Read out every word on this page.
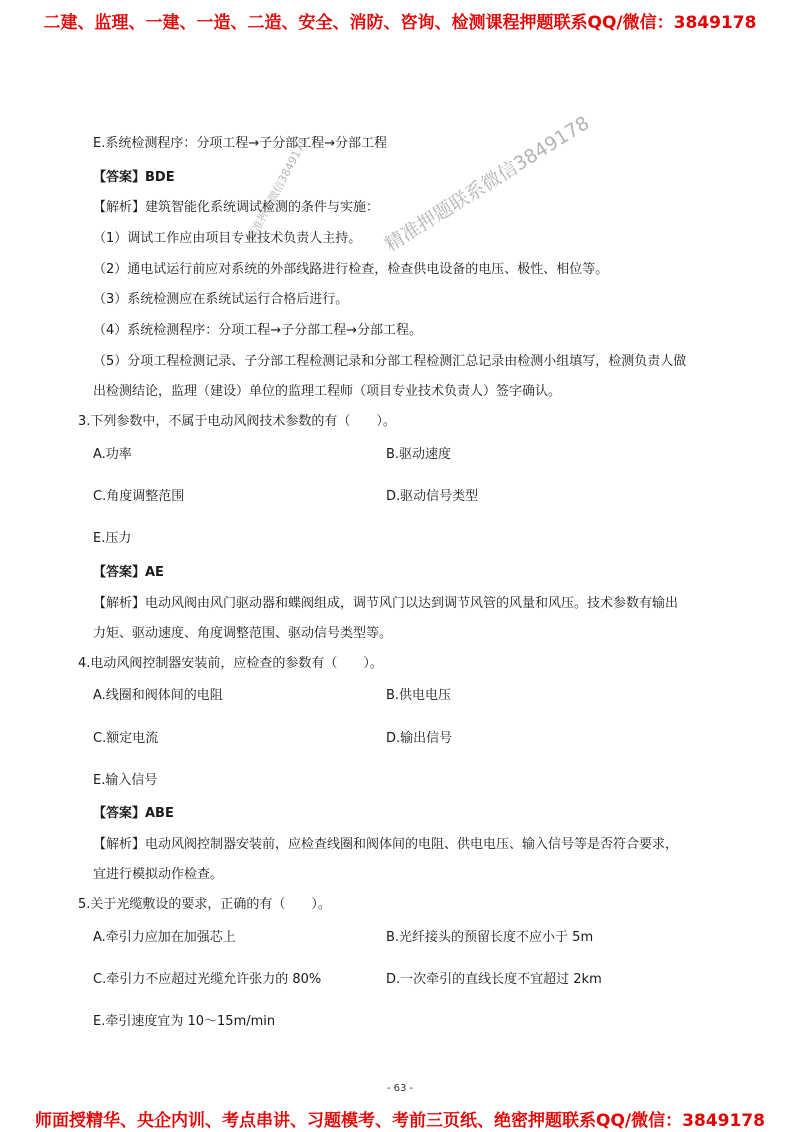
二建、监理、一建、一造、二造、安全、消防、咨询、检测课程押题联系QQ/微信：3849178
精准押题联系微信3849178
精准押题微信3849178
E.系统检测程序：分项工程→子分部工程→分部工程
【答案】BDE
【解析】建筑智能化系统调试检测的条件与实施：
（1）调试工作应由项目专业技术负责人主持。
（2）通电试运行前应对系统的外部线路进行检查，检查供电设备的电压、极性、相位等。
（3）系统检测应在系统试运行合格后进行。
（4）系统检测程序：分项工程→子分部工程→分部工程。
（5）分项工程检测记录、子分部工程检测记录和分部工程检测汇总记录由检测小组填写，检测负责人做
出检测结论，监理（建设）单位的监理工程师（项目专业技术负责人）签字确认。
3.下列参数中，不属于电动风阀技术参数的有（　　）。
A.功率	B.驱动速度
C.角度调整范围	D.驱动信号类型
E.压力
【答案】AE
【解析】电动风阀由风门驱动器和蝶阀组成，调节风门以达到调节风管的风量和风压。技术参数有输出
力矩、驱动速度、角度调整范围、驱动信号类型等。
4.电动风阀控制器安装前，应检查的参数有（　　）。
A.线圈和阀体间的电阻	B.供电电压
C.额定电流	D.输出信号
E.输入信号
【答案】ABE
【解析】电动风阀控制器安装前，应检查线圈和阀体间的电阻、供电电压、输入信号等是否符合要求，
宜进行模拟动作检查。
5.关于光缆敷设的要求，正确的有（　　）。
A.牵引力应加在加强芯上	B.光纤接头的预留长度不应小于 5m
C.牵引力不应超过光缆允许张力的 80%	D.一次牵引的直线长度不宜超过 2km
E.牵引速度宜为 10～15m/min
- 63 -
师面授精华、央企内训、考点串讲、习题模考、考前三页纸、绝密押题联系QQ/微信：3849178
